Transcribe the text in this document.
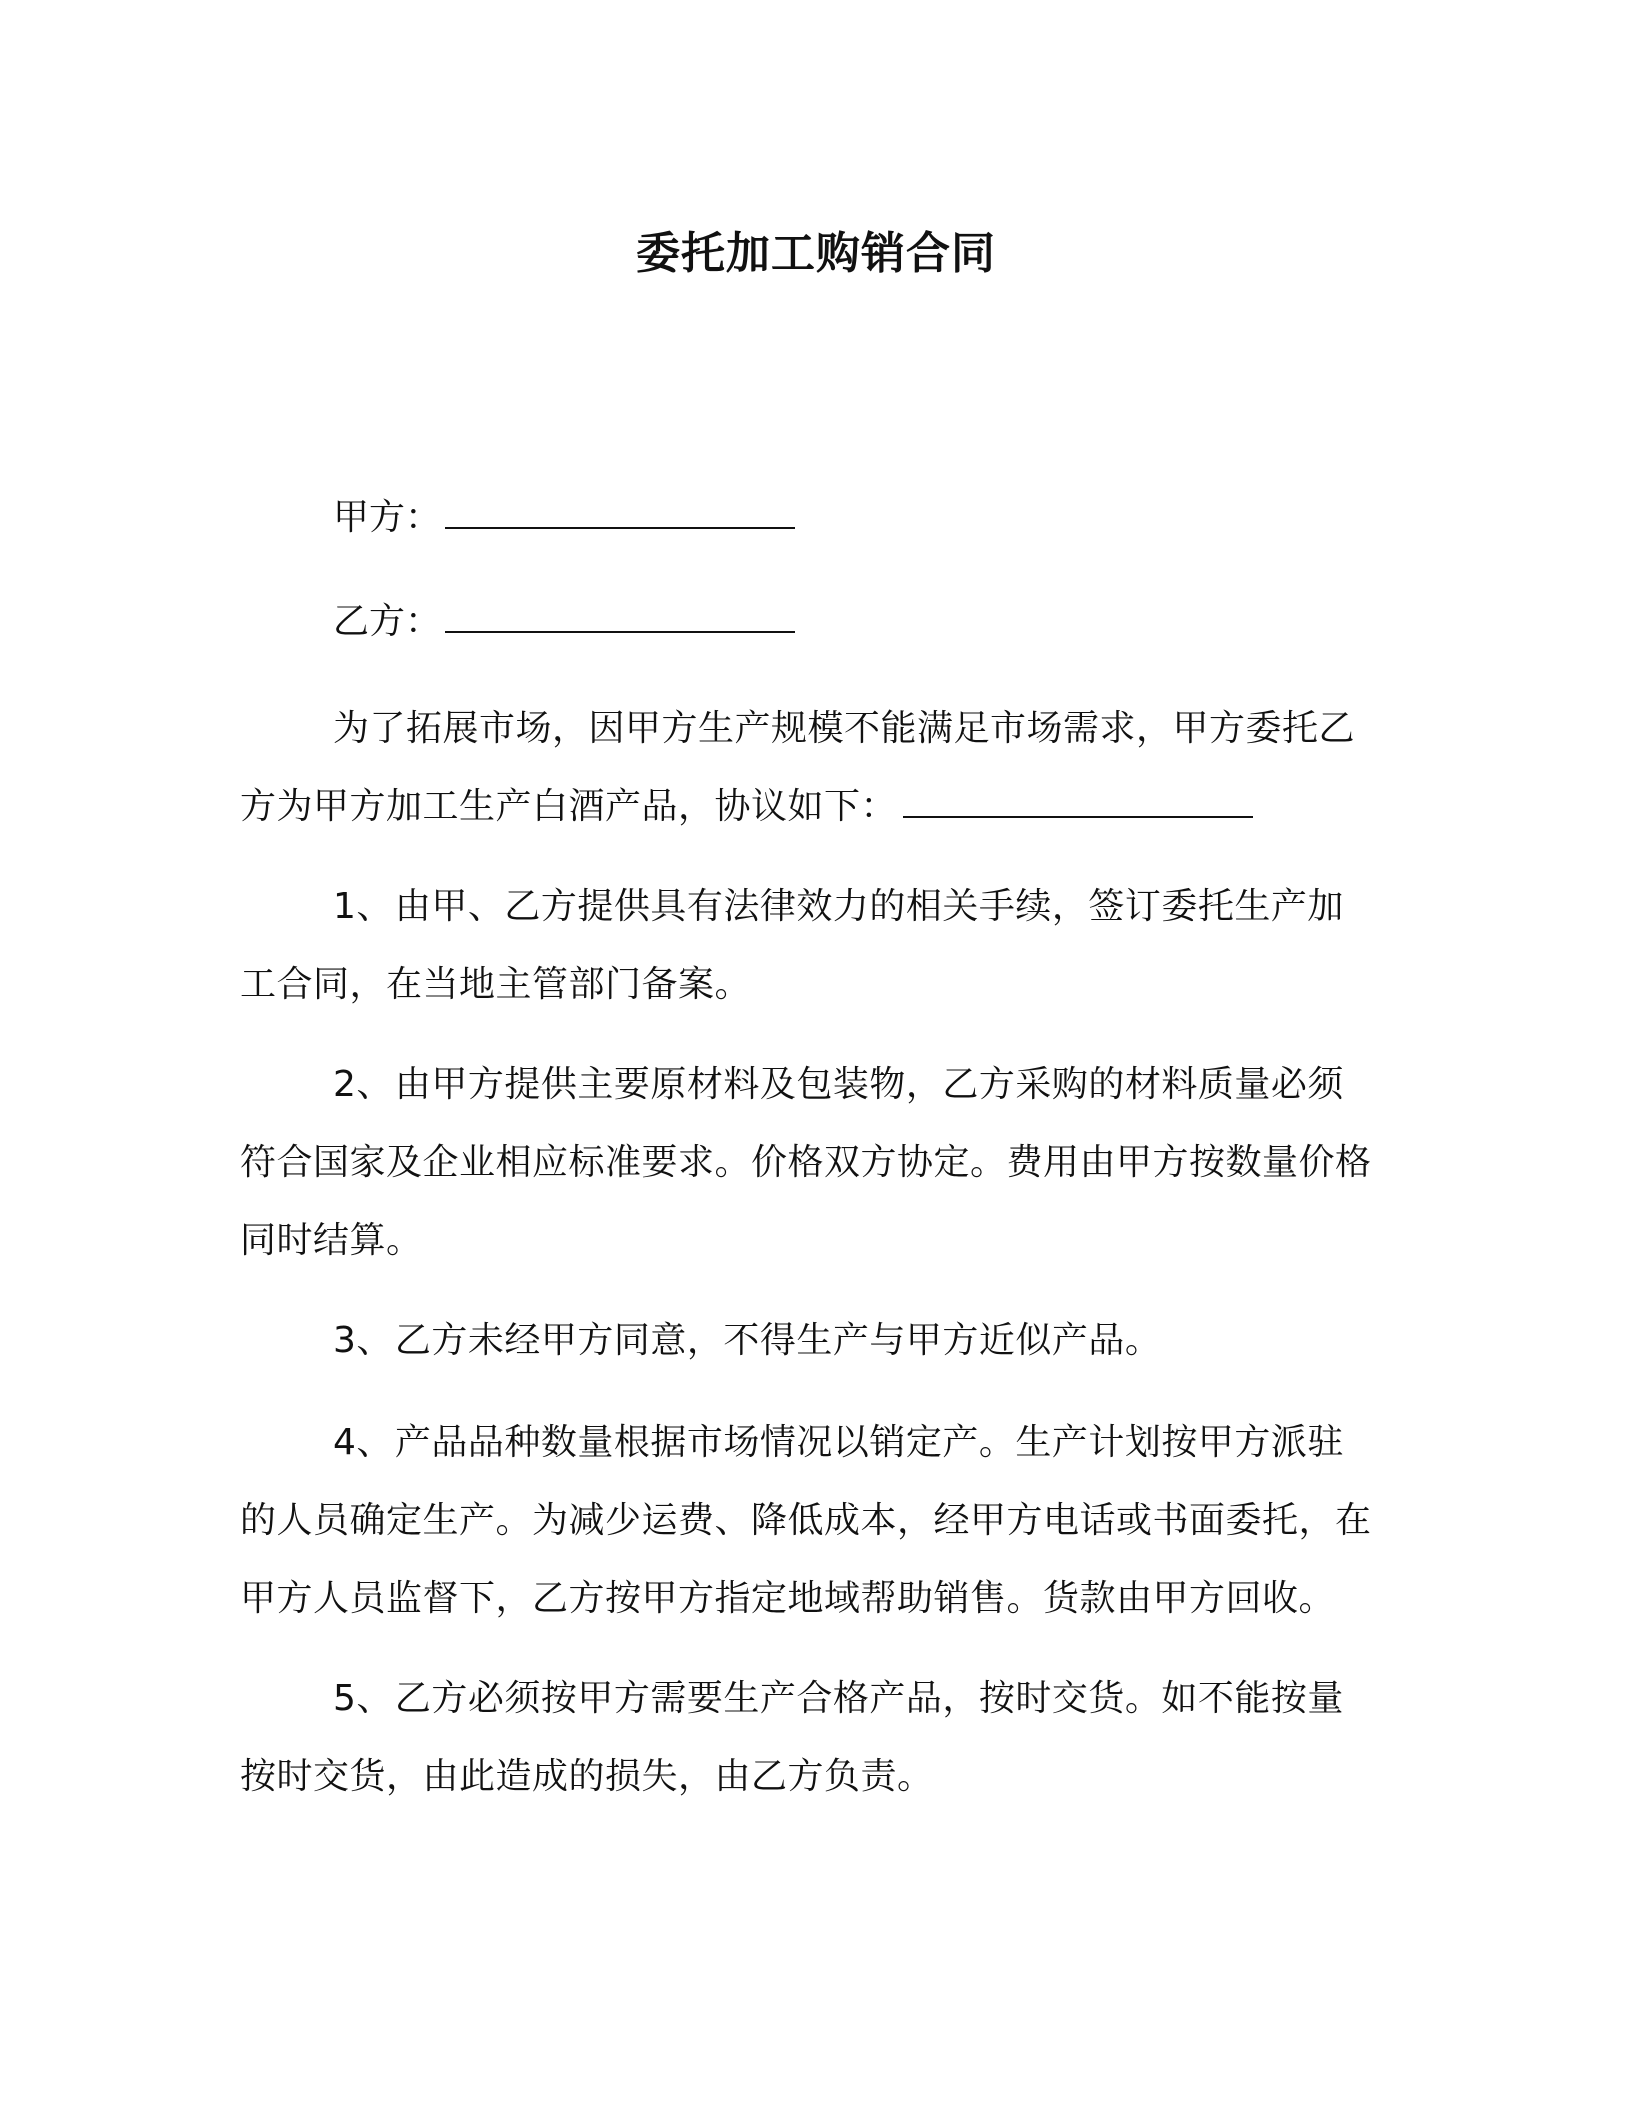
委托加工购销合同
甲方：
乙方：
为了拓展市场，因甲方生产规模不能满足市场需求，甲方委托乙方为甲方加工生产白酒产品，协议如下：
1、由甲、乙方提供具有法律效力的相关手续，签订委托生产加工合同，在当地主管部门备案。
2、由甲方提供主要原材料及包装物，乙方采购的材料质量必须符合国家及企业相应标准要求。价格双方协定。费用由甲方按数量价格同时结算。
3、乙方未经甲方同意，不得生产与甲方近似产品。
4、产品品种数量根据市场情况以销定产。生产计划按甲方派驻的人员确定生产。为减少运费、降低成本，经甲方电话或书面委托，在甲方人员监督下，乙方按甲方指定地域帮助销售。货款由甲方回收。
5、乙方必须按甲方需要生产合格产品，按时交货。如不能按量按时交货，由此造成的损失，由乙方负责。
